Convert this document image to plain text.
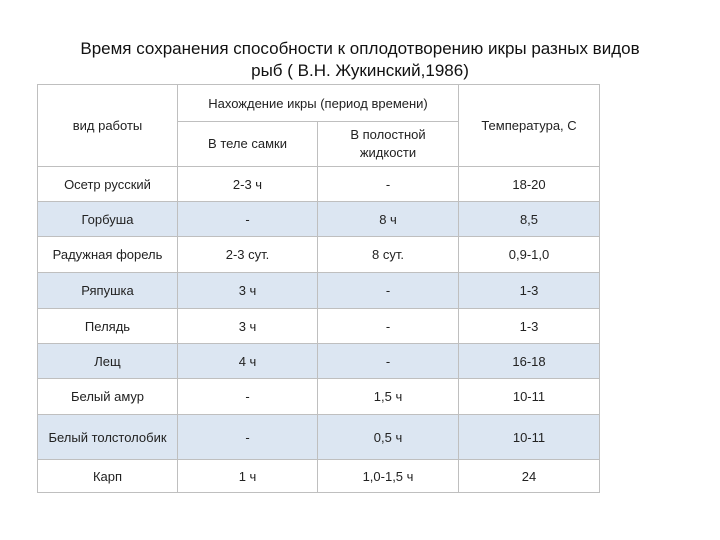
Время сохранения способности к оплодотворению икры разных видов
рыб ( В.Н. Жукинский,1986)
вид работы	Нахождение икры (период времени)		Температура, С
	В теле самки	В полостной жидкости	
Осетр русский	2-3 ч	-	18-20
Горбуша	-	8 ч	8,5
Радужная форель	2-3 сут.	8 сут.	0,9-1,0
Ряпушка	3 ч	-	1-3
Пелядь	3 ч	-	1-3
Лещ	4 ч	-	16-18
Белый амур	-	1,5 ч	10-11
Белый толстолобик	-	0,5 ч	10-11
Карп	1 ч	1,0-1,5 ч	24
